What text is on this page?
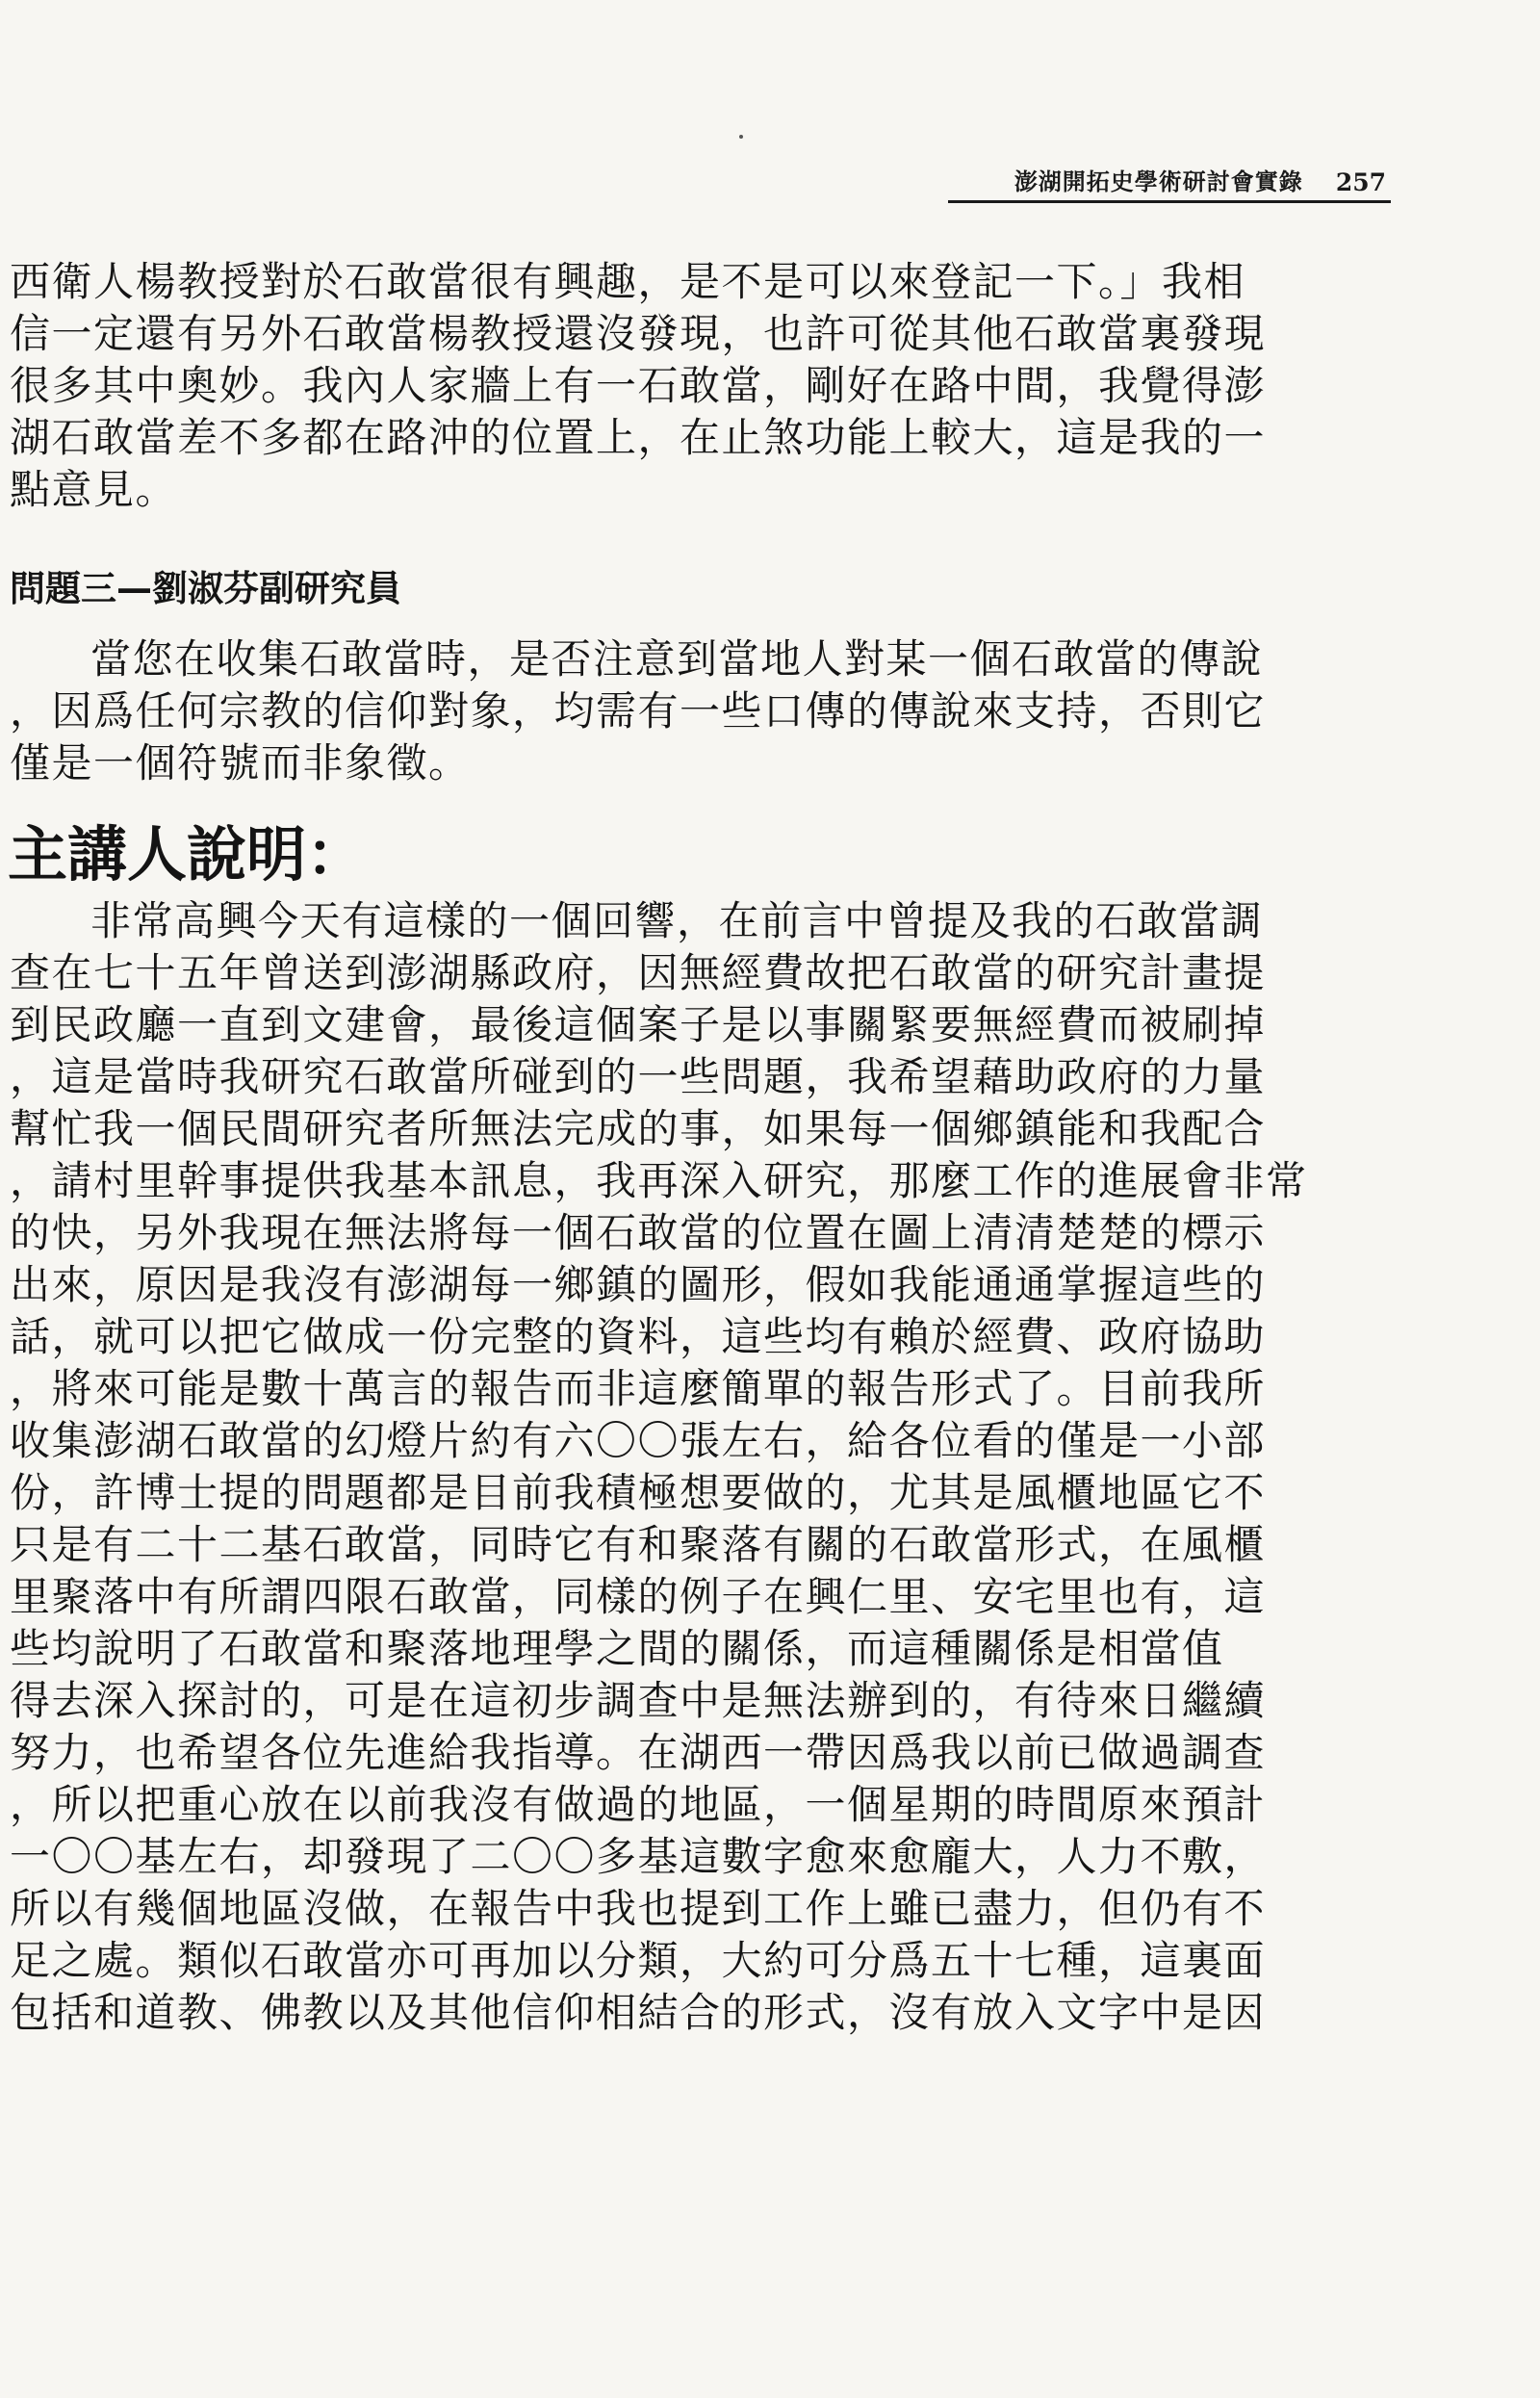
澎湖開拓史學術研討會實錄 257
西衛人楊教授對於石敢當很有興趣，是不是可以來登記一下。」我相
信一定還有另外石敢當楊教授還沒發現，也許可從其他石敢當裏發現
很多其中奧妙。我內人家牆上有一石敢當，剛好在路中間，我覺得澎
湖石敢當差不多都在路沖的位置上，在止煞功能上較大，這是我的一
點意見。
問題三—劉淑芬副研究員
當您在收集石敢當時，是否注意到當地人對某一個石敢當的傳說
，因爲任何宗教的信仰對象，均需有一些口傳的傳說來支持，否則它
僅是一個符號而非象徵。
主講人說明：
非常高興今天有這樣的一個回響，在前言中曾提及我的石敢當調
查在七十五年曾送到澎湖縣政府，因無經費故把石敢當的研究計畫提
到民政廳一直到文建會，最後這個案子是以事關緊要無經費而被刷掉
，這是當時我研究石敢當所碰到的一些問題，我希望藉助政府的力量
幫忙我一個民間研究者所無法完成的事，如果每一個鄉鎮能和我配合
，請村里幹事提供我基本訊息，我再深入研究，那麼工作的進展會非常
的快，另外我現在無法將每一個石敢當的位置在圖上清清楚楚的標示
出來，原因是我沒有澎湖每一鄉鎮的圖形，假如我能通通掌握這些的
話，就可以把它做成一份完整的資料，這些均有賴於經費、政府協助
，將來可能是數十萬言的報告而非這麼簡單的報告形式了。目前我所
收集澎湖石敢當的幻燈片約有六〇〇張左右，給各位看的僅是一小部
份，許博士提的問題都是目前我積極想要做的，尤其是風櫃地區它不
只是有二十二基石敢當，同時它有和聚落有關的石敢當形式，在風櫃
里聚落中有所謂四限石敢當，同樣的例子在興仁里、安宅里也有，這
些均說明了石敢當和聚落地理學之間的關係，而這種關係是相當值
得去深入探討的，可是在這初步調查中是無法辦到的，有待來日繼續
努力，也希望各位先進給我指導。在湖西一帶因爲我以前已做過調查
，所以把重心放在以前我沒有做過的地區，一個星期的時間原來預計
一〇〇基左右，却發現了二〇〇多基這數字愈來愈龐大，人力不敷，
所以有幾個地區沒做，在報告中我也提到工作上雖已盡力，但仍有不
足之處。類似石敢當亦可再加以分類，大約可分爲五十七種，這裏面
包括和道教、佛教以及其他信仰相結合的形式，沒有放入文字中是因
